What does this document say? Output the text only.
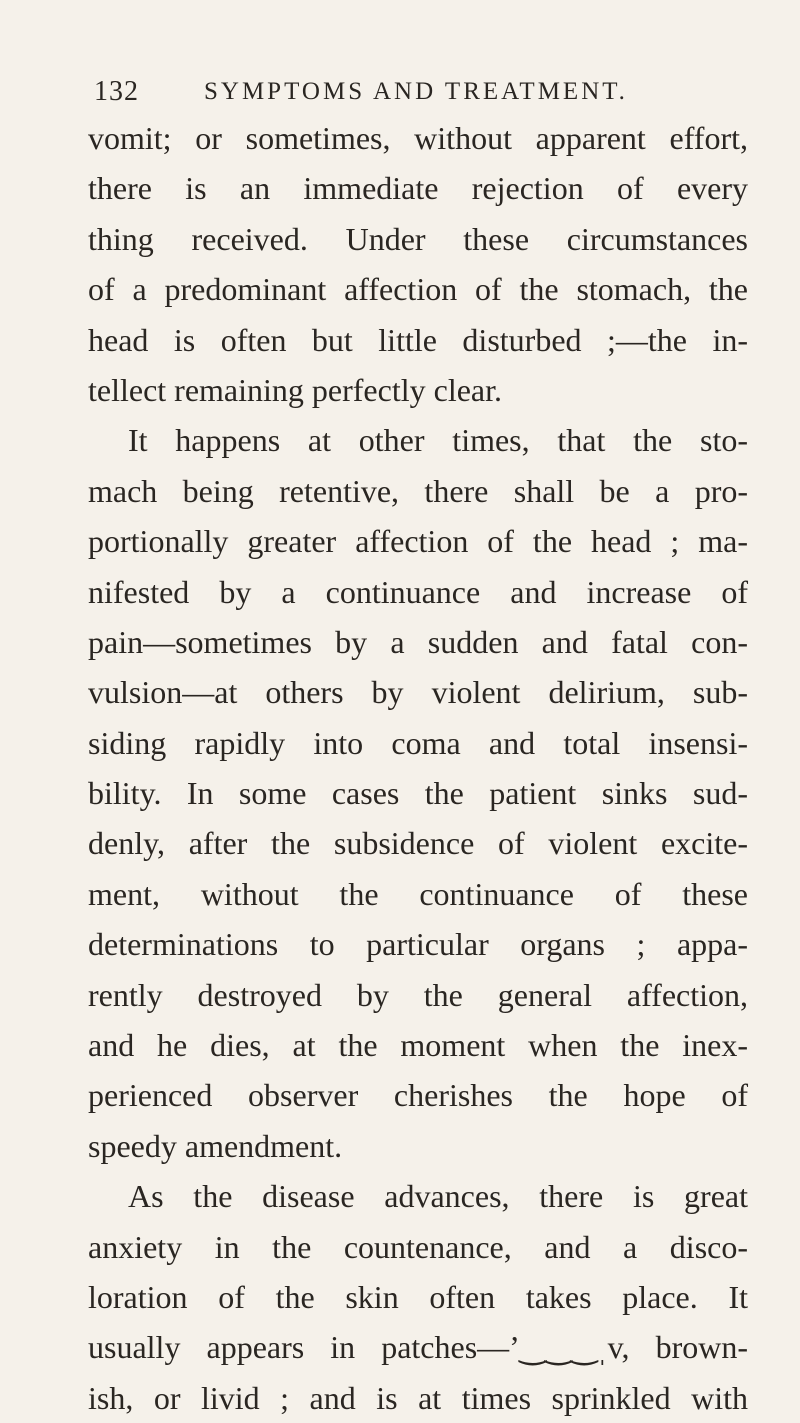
132	SYMPTOMS AND TREATMENT.
vomit; or sometimes, without apparent effort,
there is an immediate rejection of every
thing received. Under these circumstances
of a predominant affection of the stomach, the
head is often but little disturbed ;—the in-
tellect remaining perfectly clear.
It happens at other times, that the sto-
mach being retentive, there shall be a pro-
portionally greater affection of the head ; ma-
nifested by a continuance and increase of
pain—sometimes by a sudden and fatal con-
vulsion—at others by violent delirium, sub-
siding rapidly into coma and total insensi-
bility. In some cases the patient sinks sud-
denly, after the subsidence of violent excite-
ment, without the continuance of these
determinations to particular organs ; appa-
rently destroyed by the general affection,
and he dies, at the moment when the inex-
perienced observer cherishes the hope of
speedy amendment.
As the disease advances, there is great
anxiety in the countenance, and a disco-
loration of the skin often takes place. It
usually appears in patches—’‿‿‿ˌv, brown-
ish, or livid ; and is at times sprinkled with
